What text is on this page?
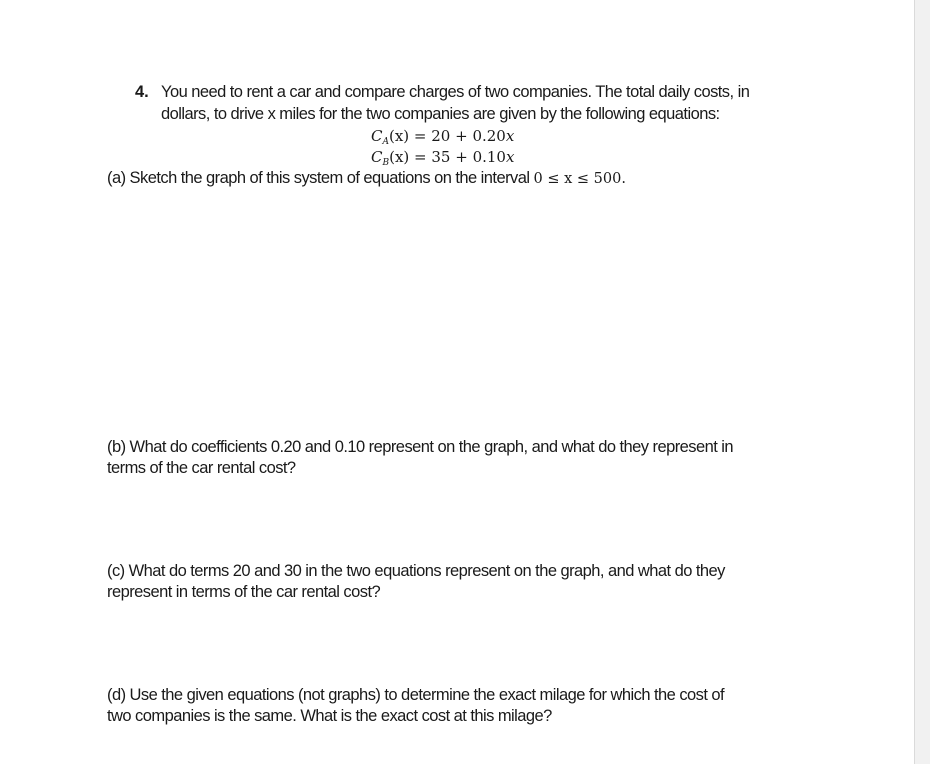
4. You need to rent a car and compare charges of two companies. The total daily costs, in
dollars, to drive x miles for the two companies are given by the following equations:
$C_A(x) = 20 + 0.20x$
$C_B(x) = 35 + 0.10x$
(a) Sketch the graph of this system of equations on the interval 0 ≤ x ≤ 500.
(b) What do coefficients 0.20 and 0.10 represent on the graph, and what do they represent in
terms of the car rental cost?
(c) What do terms 20 and 30 in the two equations represent on the graph, and what do they
represent in terms of the car rental cost?
(d) Use the given equations (not graphs) to determine the exact milage for which the cost of
two companies is the same. What is the exact cost at this milage?
